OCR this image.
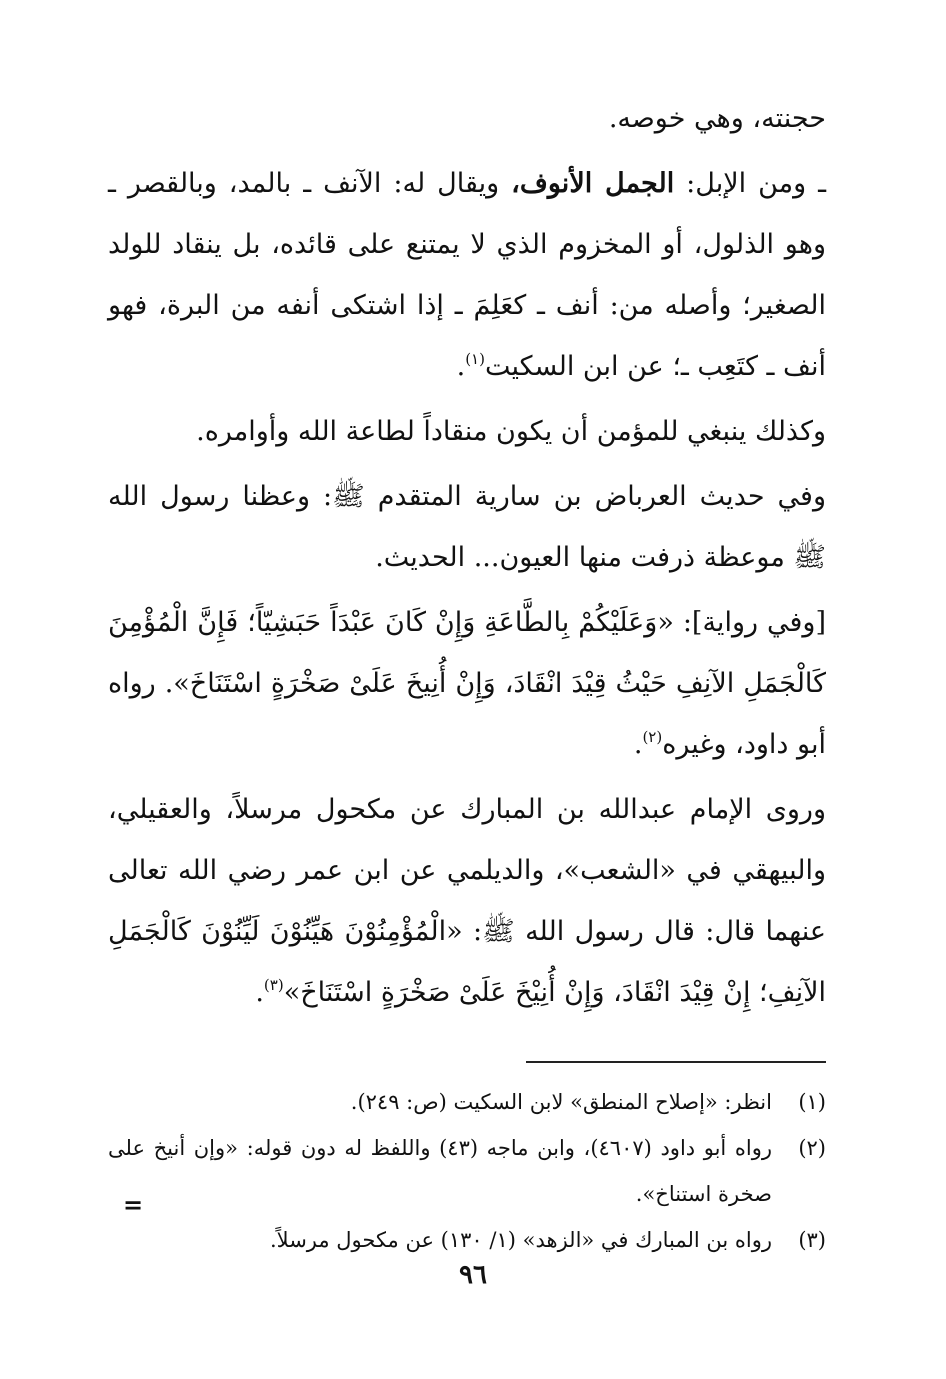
حجنته، وهي خوصه.

ـ ومن الإبل: الجمل الأنوف، ويقال له: الآنف ـ بالمد، وبالقصر ـ وهو الذلول، أو المخزوم الذي لا يمتنع على قائده، بل ينقاد للولد الصغير؛ وأصله من: أنف ـ كعَلِمَ ـ إذا اشتكى أنفه من البرة، فهو أنف ـ كتَعِب ـ؛ عن ابن السكيت$^{(١)}$.

وكذلك ينبغي للمؤمن أن يكون منقاداً لطاعة الله وأوامره.

وفي حديث العرباض بن سارية المتقدم ﷺ: وعظنا رسول الله ﷺ موعظة ذرفت منها العيون... الحديث.

[وفي رواية]: «وَعَلَيْكُمْ بِالطَّاعَةِ وَإِنْ كَانَ عَبْدَاً حَبَشِيّاً؛ فَإِنَّ الْمُؤْمِنَ كَالْجَمَلِ الآنِفِ حَيْثُ قِيْدَ انْقَادَ، وَإِنْ أُنِيخَ عَلَىْ صَخْرَةٍ اسْتَنَاخَ». رواه أبو داود، وغيره$^{(٢)}$.

وروى الإمام عبدالله بن المبارك عن مكحول مرسلاً، والعقيلي، والبيهقي في «الشعب»، والديلمي عن ابن عمر رضي الله تعالى عنهما قال: قال رسول الله ﷺ: «الْمُؤْمِنُوْنَ هَيِّنُوْنَ لَيِّنُوْنَ كَالْجَمَلِ الآنِفِ؛ إِنْ قِيْدَ انْقَادَ، وَإِنْ أُنِيْخَ عَلَىْ صَخْرَةٍ اسْتَنَاخَ»$^{(٣)}$.

(١)
انظر: «إصلاح المنطق» لابن السكيت (ص: ٢٤٩).
(٢)
رواه أبو داود (٤٦٠٧)، وابن ماجه (٤٣) واللفظ له دون قوله: «وإن أنيخ على صخرة استناخ».
(٣)
رواه بن المبارك في «الزهد» (١/ ١٣٠) عن مكحول مرسلاً.
=
٩٦
